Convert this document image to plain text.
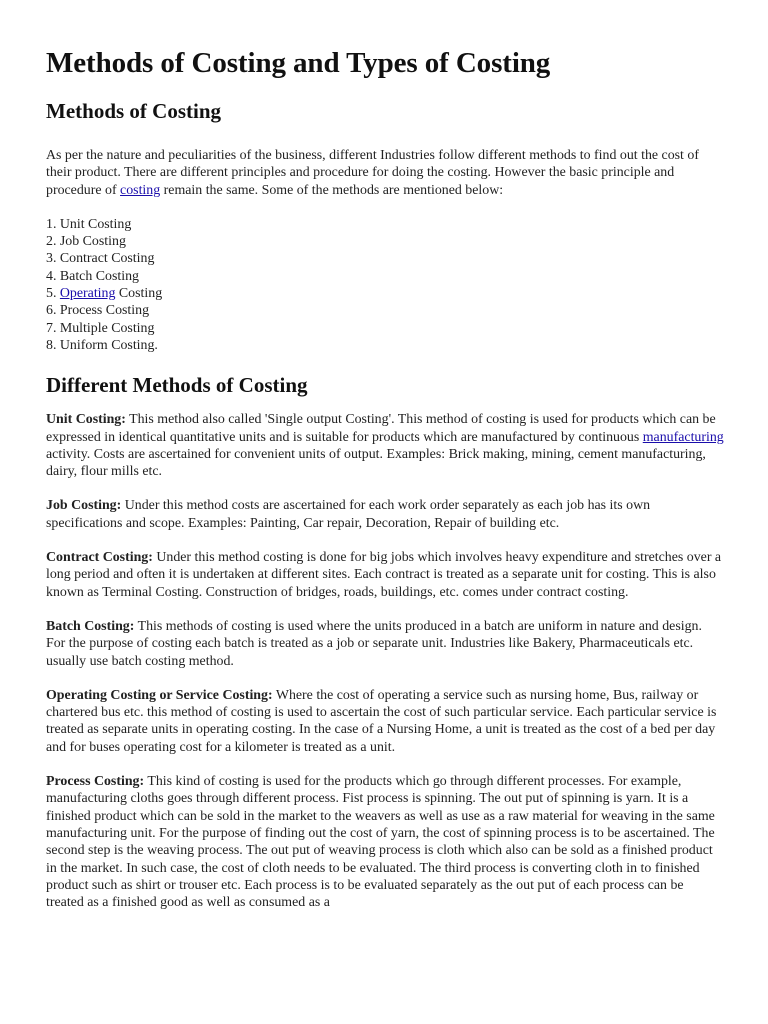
Methods of Costing and Types of Costing
Methods of Costing

As per the nature and peculiarities of the business, different Industries follow different methods to find out the cost of their product. There are different principles and procedure for doing the costing. However the basic principle and procedure of costing remain the same. Some of the methods are mentioned below:

1. Unit Costing
2. Job Costing
3. Contract Costing
4. Batch Costing
5. Operating Costing
6. Process Costing
7. Multiple Costing
8. Uniform Costing.
Different Methods of Costing

Unit Costing: This method also called 'Single output Costing'. This method of costing is used for products which can be expressed in identical quantitative units and is suitable for products which are manufactured by continuous manufacturing activity. Costs are ascertained for convenient units of output. Examples: Brick making, mining, cement manufacturing, dairy, flour mills etc.

Job Costing: Under this method costs are ascertained for each work order separately as each job has its own specifications and scope. Examples: Painting, Car repair, Decoration, Repair of building etc.

Contract Costing: Under this method costing is done for big jobs which involves heavy expenditure and stretches over a long period and often it is undertaken at different sites. Each contract is treated as a separate unit for costing. This is also known as Terminal Costing. Construction of bridges, roads, buildings, etc. comes under contract costing.

Batch Costing: This methods of costing is used where the units produced in a batch are uniform in nature and design. For the purpose of costing each batch is treated as a job or separate unit. Industries like Bakery, Pharmaceuticals etc. usually use batch costing method.

Operating Costing or Service Costing: Where the cost of operating a service such as nursing home, Bus, railway or chartered bus etc. this method of costing is used to ascertain the cost of such particular service. Each particular service is treated as separate units in operating costing. In the case of a Nursing Home, a unit is treated as the cost of a bed per day and for buses operating cost for a kilometer is treated as a unit.

Process Costing: This kind of costing is used for the products which go through different processes. For example, manufacturing cloths goes through different process. Fist process is spinning. The out put of spinning is yarn. It is a finished product which can be sold in the market to the weavers as well as use as a raw material for weaving in the same manufacturing unit. For the purpose of finding out the cost of yarn, the cost of spinning process is to be ascertained. The second step is the weaving process. The out put of weaving process is cloth which also can be sold as a finished product in the market. In such case, the cost of cloth needs to be evaluated. The third process is converting cloth in to finished product such as shirt or trouser etc. Each process is to be evaluated separately as the out put of each process can be treated as a finished good as well as consumed as a
